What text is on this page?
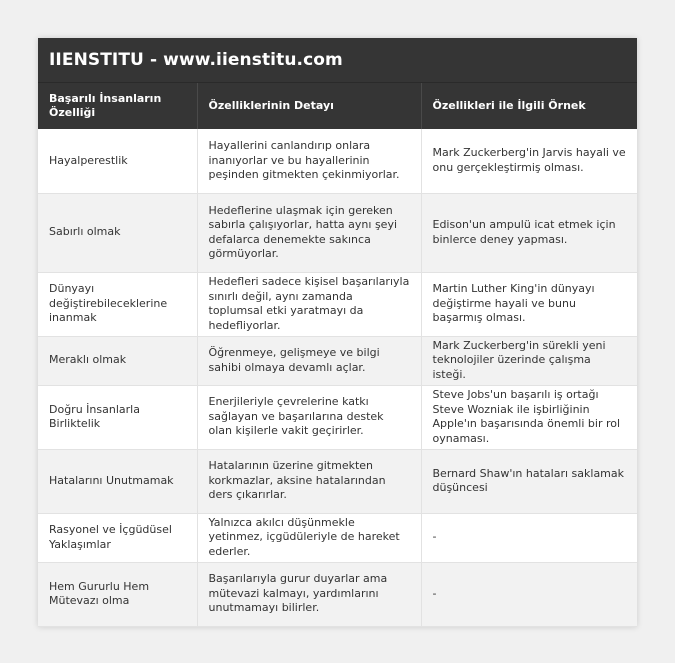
IIENSTITU - www.iienstitu.com
Başarılı İnsanların Özelliği	Özelliklerinin Detayı	Özellikleri ile İlgili Örnek
Hayalperestlik	Hayallerini canlandırıp onlara inanıyorlar ve bu hayallerinin peşinden gitmekten çekinmiyorlar.	Mark Zuckerberg'in Jarvis hayali ve onu gerçekleştirmiş olması.
Sabırlı olmak	Hedeflerine ulaşmak için gereken sabırla çalışıyorlar, hatta aynı şeyi defalarca denemekte sakınca görmüyorlar.	Edison'un ampulü icat etmek için binlerce deney yapması.
Dünyayı değiştirebileceklerine inanmak	Hedefleri sadece kişisel başarılarıyla sınırlı değil, aynı zamanda toplumsal etki yaratmayı da hedefliyorlar.	Martin Luther King'in dünyayı değiştirme hayali ve bunu başarmış olması.
Meraklı olmak	Öğrenmeye, gelişmeye ve bilgi sahibi olmaya devamlı açlar.	Mark Zuckerberg'in sürekli yeni teknolojiler üzerinde çalışma isteği.
Doğru İnsanlarla Birliktelik	Enerjileriyle çevrelerine katkı sağlayan ve başarılarına destek olan kişilerle vakit geçirirler.	Steve Jobs'un başarılı iş ortağı Steve Wozniak ile işbirliğinin Apple'ın başarısında önemli bir rol oynaması.
Hatalarını Unutmamak	Hatalarının üzerine gitmekten korkmazlar, aksine hatalarından ders çıkarırlar.	Bernard Shaw'ın hataları saklamak düşüncesi
Rasyonel ve İçgüdüsel Yaklaşımlar	Yalnızca akılcı düşünmekle yetinmez, içgüdüleriyle de hareket ederler.	-
Hem Gururlu Hem Mütevazı olma	Başarılarıyla gurur duyarlar ama mütevazi kalmayı, yardımlarını unutmamayı bilirler.	-
